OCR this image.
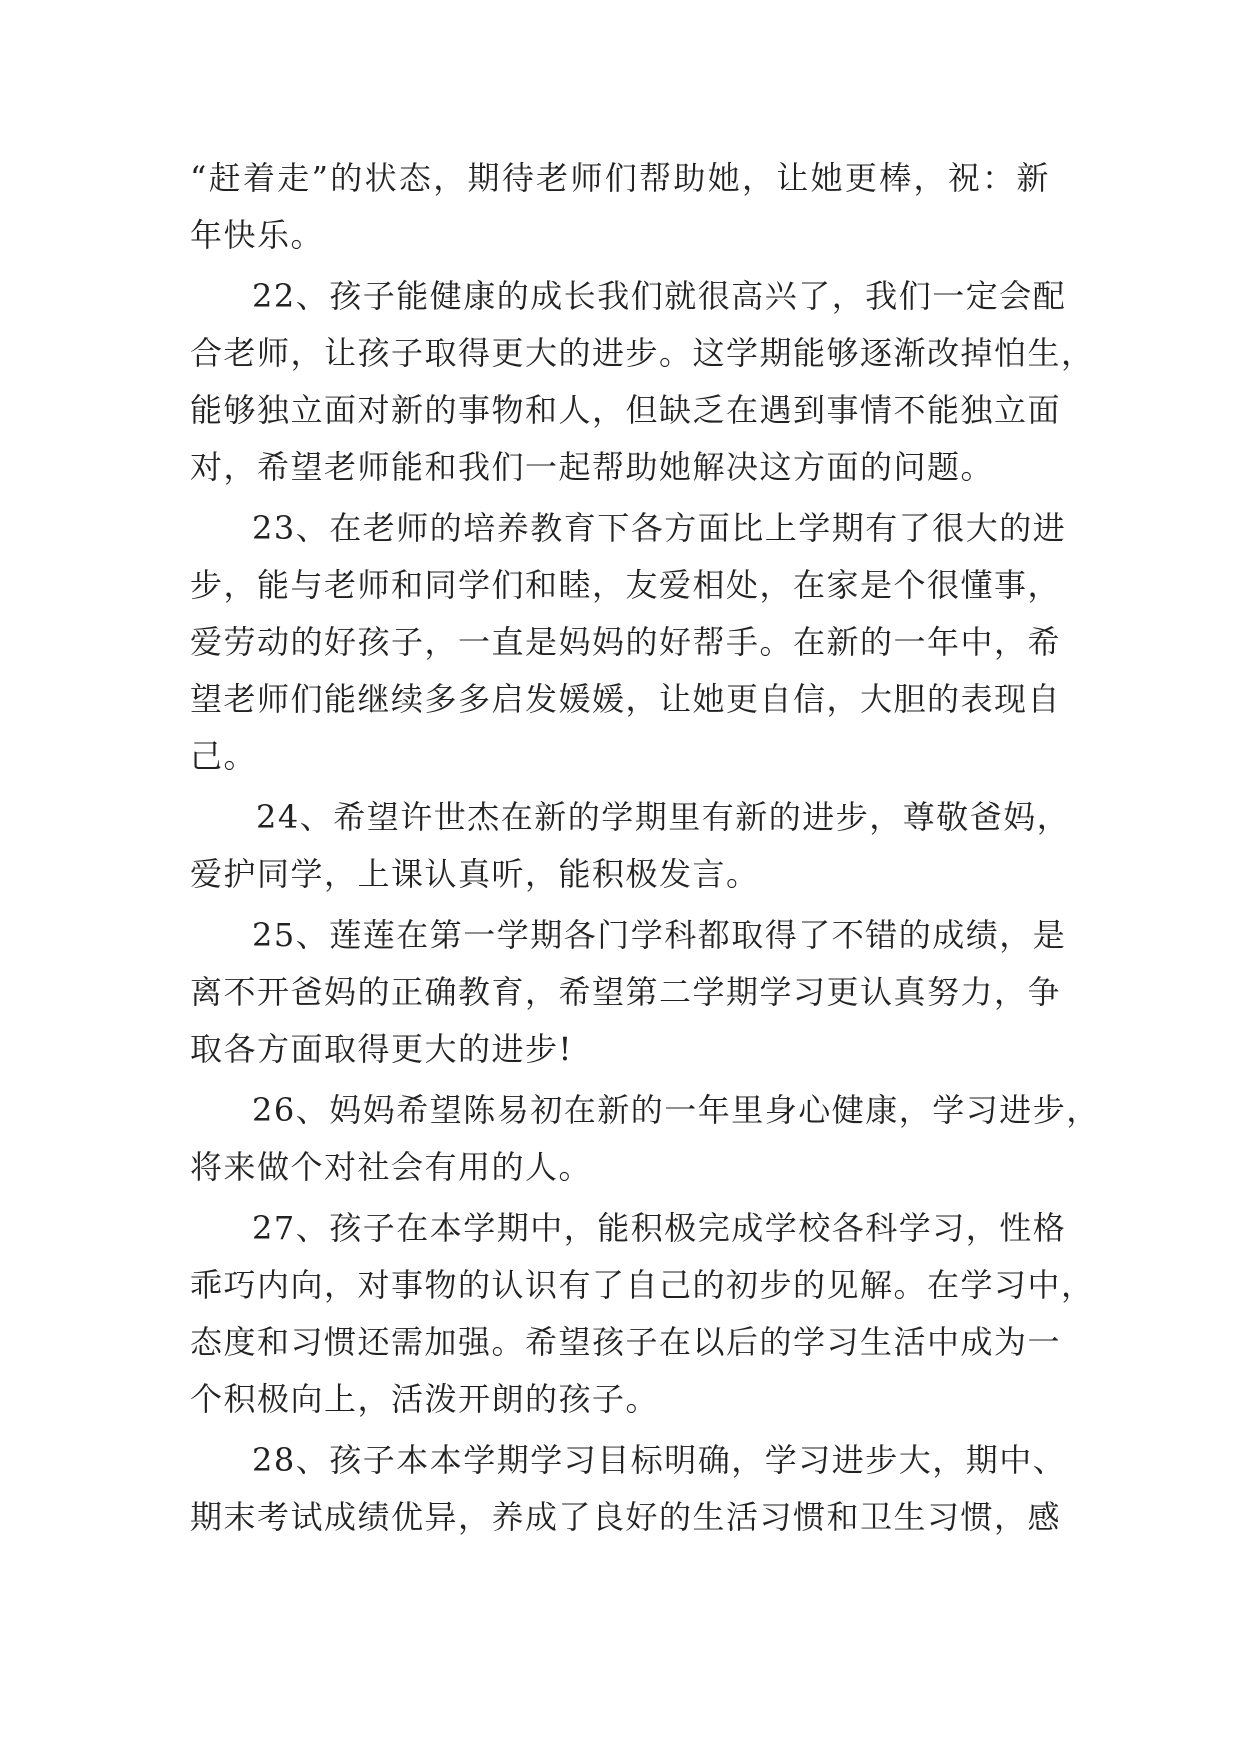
“赶着走”的状态，期待老师们帮助她，让她更棒，祝：新
年快乐。
22、孩子能健康的成长我们就很高兴了，我们一定会配
合老师，让孩子取得更大的进步。这学期能够逐渐改掉怕生，
能够独立面对新的事物和人，但缺乏在遇到事情不能独立面
对，希望老师能和我们一起帮助她解决这方面的问题。
23、在老师的培养教育下各方面比上学期有了很大的进
步，能与老师和同学们和睦，友爱相处，在家是个很懂事，
爱劳动的好孩子，一直是妈妈的好帮手。在新的一年中，希
望老师们能继续多多启发媛媛，让她更自信，大胆的表现自
己。
24、希望许世杰在新的学期里有新的进步，尊敬爸妈，
爱护同学，上课认真听，能积极发言。
25、莲莲在第一学期各门学科都取得了不错的成绩，是
离不开爸妈的正确教育，希望第二学期学习更认真努力，争
取各方面取得更大的进步!
26、妈妈希望陈易初在新的一年里身心健康，学习进步，
将来做个对社会有用的人。
27、孩子在本学期中，能积极完成学校各科学习，性格
乖巧内向，对事物的认识有了自己的初步的见解。在学习中，
态度和习惯还需加强。希望孩子在以后的学习生活中成为一
个积极向上，活泼开朗的孩子。
28、孩子本本学期学习目标明确，学习进步大，期中、
期末考试成绩优异，养成了良好的生活习惯和卫生习惯，感
